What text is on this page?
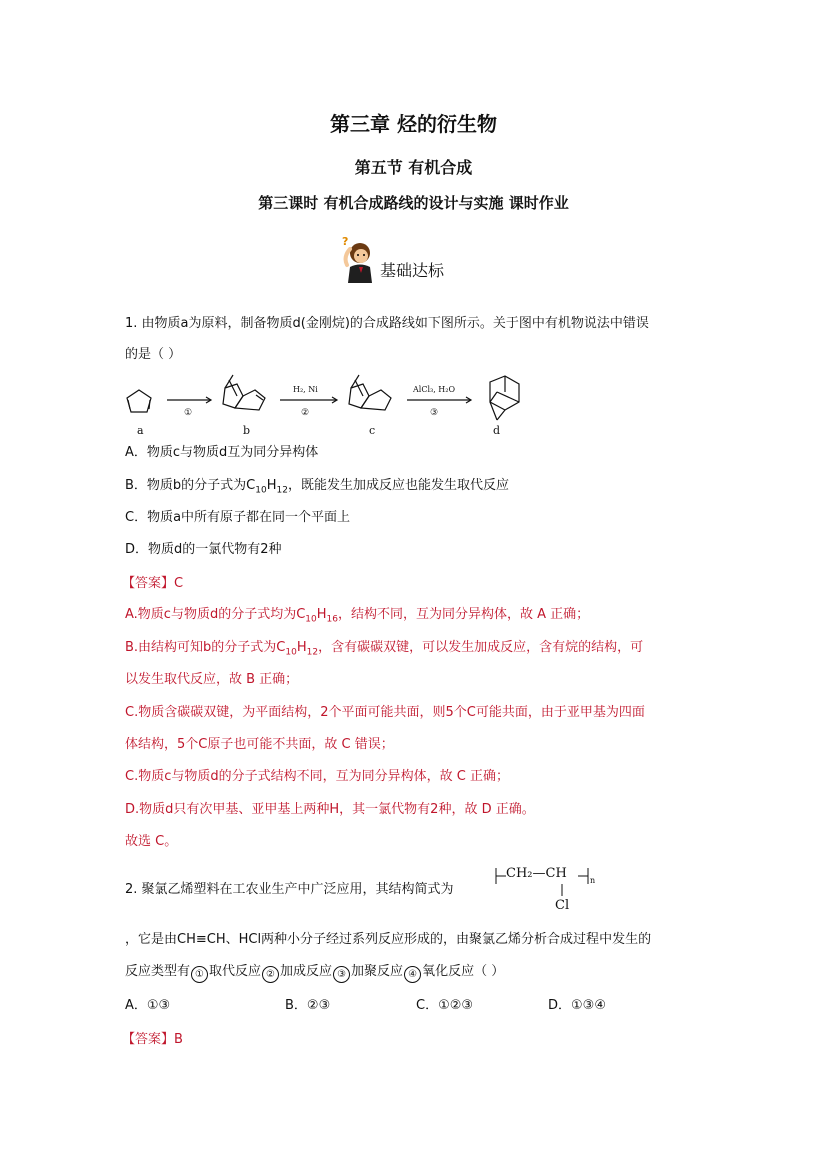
第三章 烃的衍生物
第五节 有机合成
第三课时 有机合成路线的设计与实施 课时作业
?
基础达标
1. 由物质a为原料，制备物质d(金刚烷)的合成路线如下图所示。关于图中有机物说法中错误
的是（ ）
a	b	c	d
①	②	③
H₂, Ni	AlCl₃, H₂O
A．物质c与物质d互为同分异构体
B．物质b的分子式为$C_{10}H_{12}$，既能发生加成反应也能发生取代反应
C．物质a中所有原子都在同一个平面上
D．物质d的一氯代物有2种
【答案】C
A.物质c与物质d的分子式均为$C_{10}H_{16}$，结构不同，互为同分异构体，故 A 正确；
B.由结构可知b的分子式为$C_{10}H_{12}$，含有碳碳双键，可以发生加成反应，含有烷的结构，可
以发生取代反应，故 B 正确；
C.物质含碳碳双键，为平面结构，2个平面可能共面，则5个C可能共面，由于亚甲基为四面
体结构，5个C原子也可能不共面，故 C 错误；
C.物质c与物质d的分子式结构不同，互为同分异构体，故 C 正确；
D.物质d只有次甲基、亚甲基上两种H，其一氯代物有2种，故 D 正确。
故选 C。
2. 聚氯乙烯塑料在工农业生产中广泛应用，其结构简式为
CH₂—CH	n
Cl
，它是由CH≡CH、HCl两种小分子经过系列反应形成的，由聚氯乙烯分析合成过程中发生的
反应类型有 ① 取代反应 ② 加成反应 ③ 加聚反应 ④ 氧化反应（ ）
A．①③	B．②③	C．①②③	D．①③④
【答案】B
